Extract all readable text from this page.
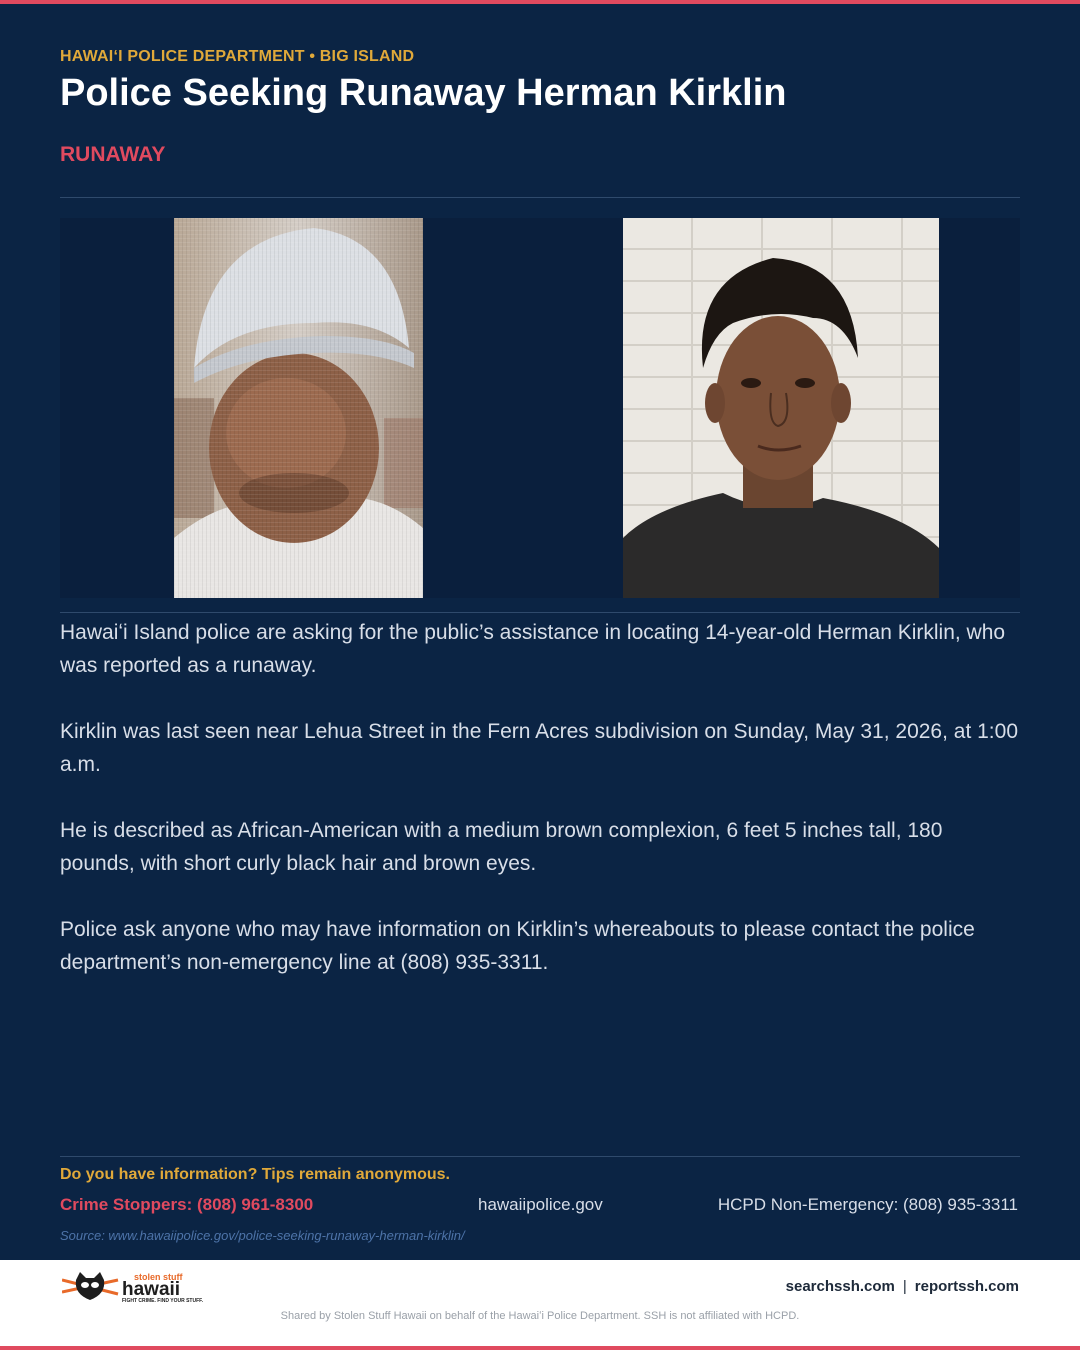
HAWAIʻI POLICE DEPARTMENT • BIG ISLAND
Police Seeking Runaway Herman Kirklin
RUNAWAY

Hawaiʻi Island police are asking for the public’s assistance in locating 14-year-old Herman Kirklin, who was reported as a runaway.

Kirklin was last seen near Lehua Street in the Fern Acres subdivision on Sunday, May 31, 2026, at 1:00 a.m.

He is described as African-American with a medium brown complexion, 6 feet 5 inches tall, 180 pounds, with short curly black hair and brown eyes.

Police ask anyone who may have information on Kirklin’s whereabouts to please contact the police department’s non-emergency line at (808) 935-3311.

Do you have information? Tips remain anonymous.
Crime Stoppers: (808) 961-8300	hawaiipolice.gov	HCPD Non-Emergency: (808) 935-3311
Source: www.hawaiipolice.gov/police-seeking-runaway-herman-kirklin/
stolen stuff
hawaii
FIGHT CRIME. FIND YOUR STUFF.
searchssh.com | reportssh.com
Shared by Stolen Stuff Hawaii on behalf of the Hawaiʻi Police Department. SSH is not affiliated with HCPD.
